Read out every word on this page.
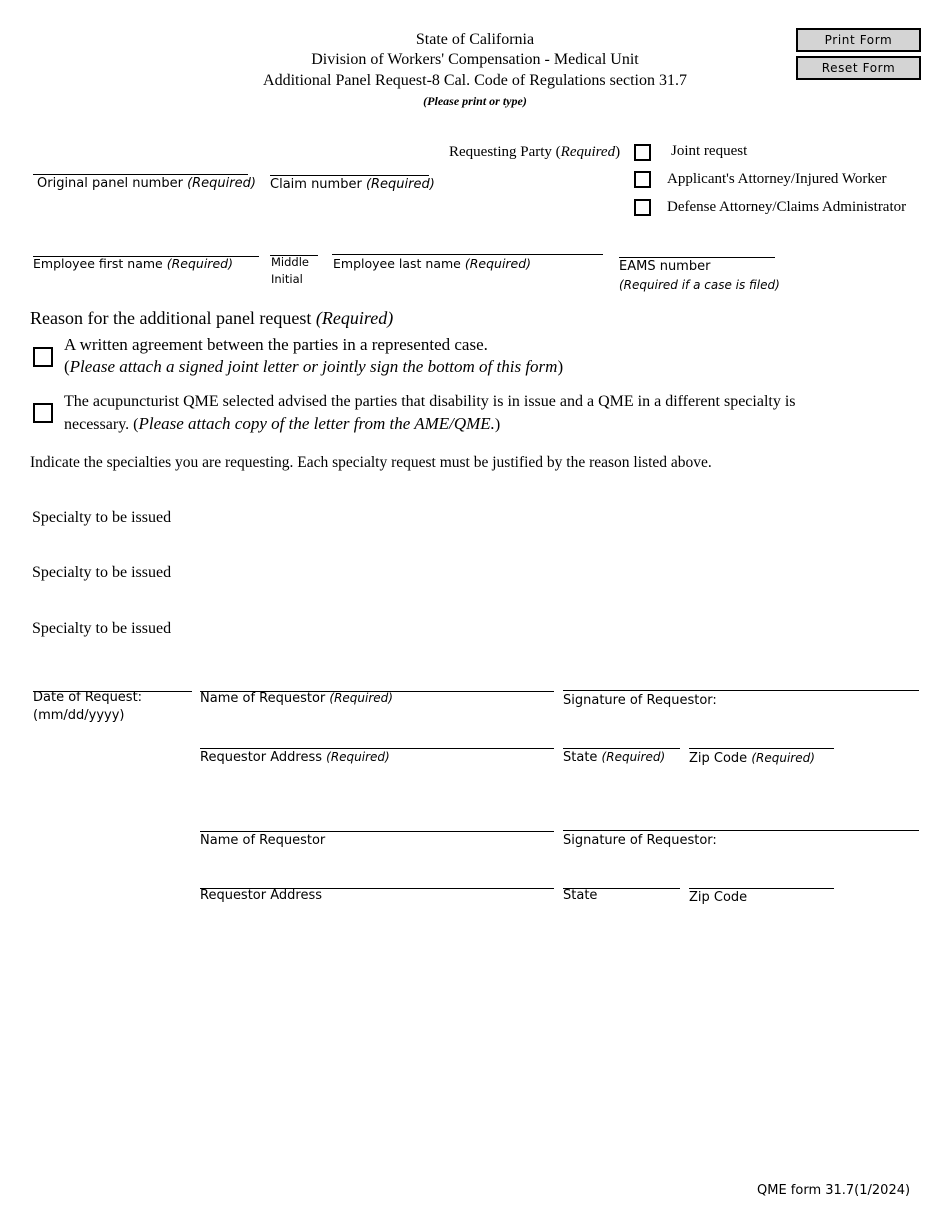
State of California
Division of Workers' Compensation - Medical Unit
Additional Panel Request-8 Cal. Code of Regulations section 31.7
(Please print or type)
Print Form
Reset Form
Requesting Party (Required)	Joint request
Applicant's Attorney/Injured Worker
Defense Attorney/Claims Administrator
Original panel number (Required) Claim number (Required)
Employee first name (Required)	Middle
Initial
Employee last name (Required)	EAMS number
(Required if a case is filed)
Reason for the additional panel request (Required)
A written agreement between the parties in a represented case.
(Please attach a signed joint letter or jointly sign the bottom of this form)
The acupuncturist QME selected advised the parties that disability is in issue and a QME in a different specialty is necessary. (Please attach copy of the letter from the AME/QME.)
Indicate the specialties you are requesting. Each specialty request must be justified by the reason listed above.
Specialty to be issued
Specialty to be issued
Specialty to be issued
Date of Request:
(mm/dd/yyyy)
Name of Requestor (Required)	Signature of Requestor:
Requestor Address (Required)	State (Required) Zip Code (Required)
Name of Requestor	Signature of Requestor:
Requestor Address	State	Zip Code
QME form 31.7(1/2024)
